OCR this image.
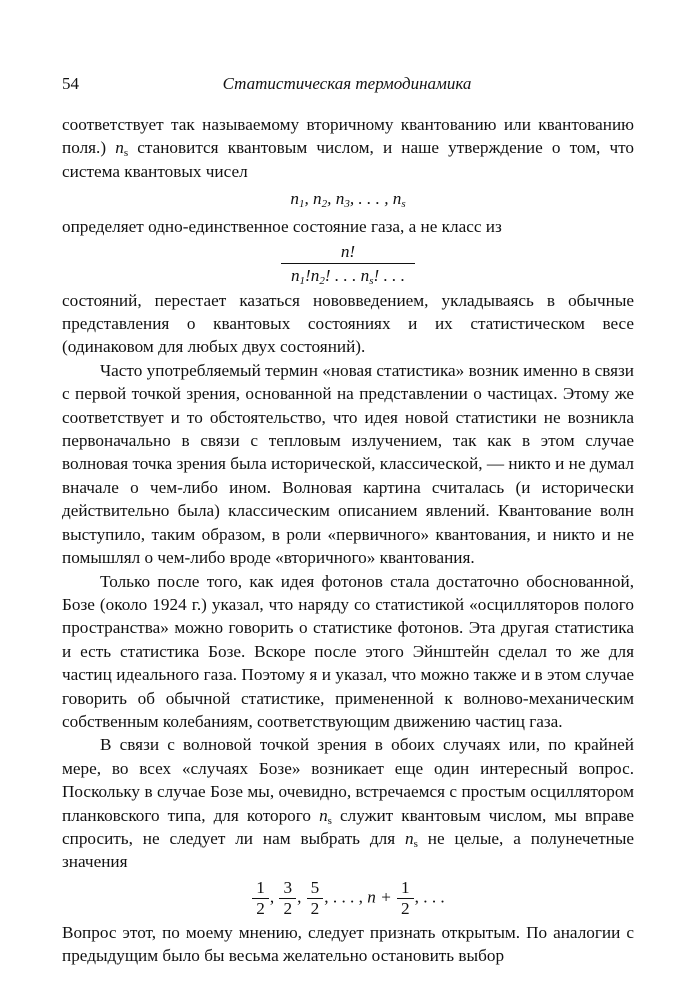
54	Статистическая термодинамика

соответствует так называемому вторичному квантованию или квантованию поля.) $n_s$ становится квантовым числом, и наше утверждение о том, что система квантовых чисел

$n_1$, $n_2$, $n_3$, . . . , $n_s$

определяет одно-единственное состояние газа, а не класс из

$\frac{n!}{n_1!n_2! . . . n_s! . . .}$

состояний, перестает казаться нововведением, укладываясь в обычные представления о квантовых состояниях и их статистическом весе (одинаковом для любых двух состояний).

Часто употребляемый термин «новая статистика» возник именно в связи с первой точкой зрения, основанной на представлении о частицах. Этому же соответствует и то обстоятельство, что идея новой статистики не возникла первоначально в связи с тепловым излучением, так как в этом случае волновая точка зрения была исторической, классической, — никто и не думал вначале о чем-либо ином. Волновая картина считалась (и исторически действительно была) классическим описанием явлений. Квантование волн выступило, таким образом, в роли «первичного» квантования, и никто и не помышлял о чем-либо вроде «вторичного» квантования.

Только после того, как идея фотонов стала достаточно обоснованной, Бозе (около 1924 г.) указал, что наряду со статистикой «осцилляторов полого пространства» можно говорить о статистике фотонов. Эта другая статистика и есть статистика Бозе. Вскоре после этого Эйнштейн сделал то же для частиц идеального газа. Поэтому я и указал, что можно также и в этом случае говорить об обычной статистике, примененной к волново-механическим собственным колебаниям, соответствующим движению частиц газа.

В связи с волновой точкой зрения в обоих случаях или, по крайней мере, во всех «случаях Бозе» возникает еще один интересный вопрос. Поскольку в случае Бозе мы, очевидно, встречаемся с простым осциллятором планковского типа, для которого $n_s$ служит квантовым числом, мы вправе спросить, не следует ли нам выбрать для $n_s$ не целые, а полунечетные значения

$\frac{1}{2}$ , $\frac{3}{2}$ , $\frac{5}{2}$ , . . . , $n + \frac{1}{2}$ , . . .

Вопрос этот, по моему мнению, следует признать открытым. По аналогии с предыдущим было бы весьма желательно остановить выбор
